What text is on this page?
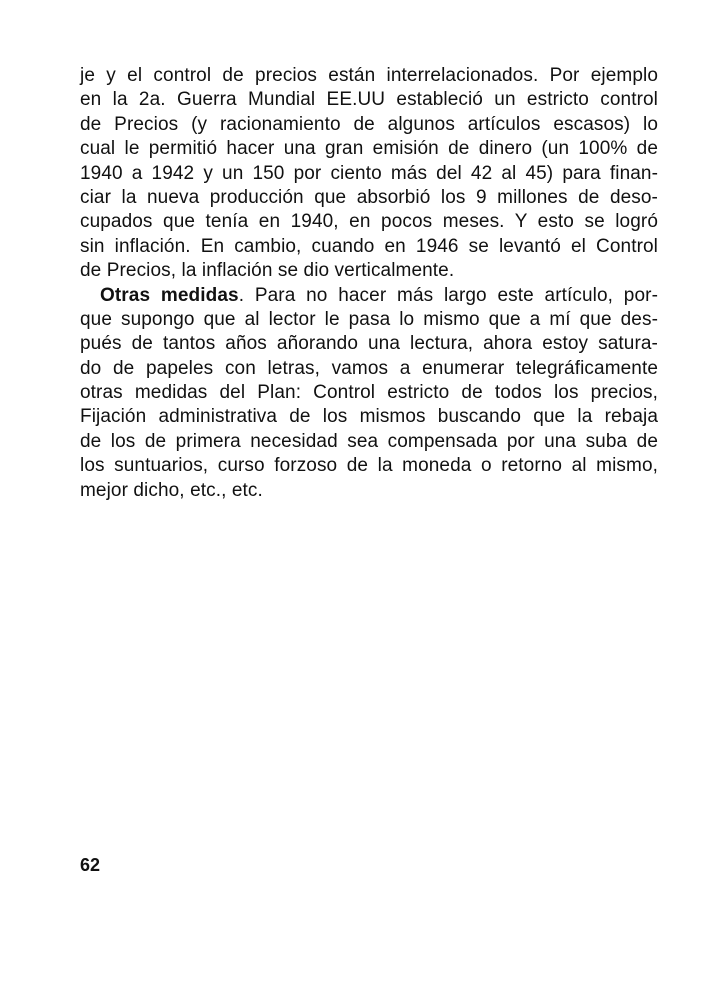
je y el control de precios están interrelacionados. Por ejemplo
en la 2a. Guerra Mundial EE.UU estableció un estricto control
de Precios (y racionamiento de algunos artículos escasos) lo
cual le permitió hacer una gran emisión de dinero (un 100% de
1940 a 1942 y un 150 por ciento más del 42 al 45) para finan-
ciar la nueva producción que absorbió los 9 millones de deso-
cupados que tenía en 1940, en pocos meses. Y esto se logró
sin inflación. En cambio, cuando en 1946 se levantó el Control
de Precios, la inflación se dio verticalmente.
Otras medidas. Para no hacer más largo este artículo, por-
que supongo que al lector le pasa lo mismo que a mí que des-
pués de tantos años añorando una lectura, ahora estoy satura-
do de papeles con letras, vamos a enumerar telegráficamente
otras medidas del Plan: Control estricto de todos los precios,
Fijación administrativa de los mismos buscando que la rebaja
de los de primera necesidad sea compensada por una suba de
los suntuarios, curso forzoso de la moneda o retorno al mismo,
mejor dicho, etc., etc.
62
